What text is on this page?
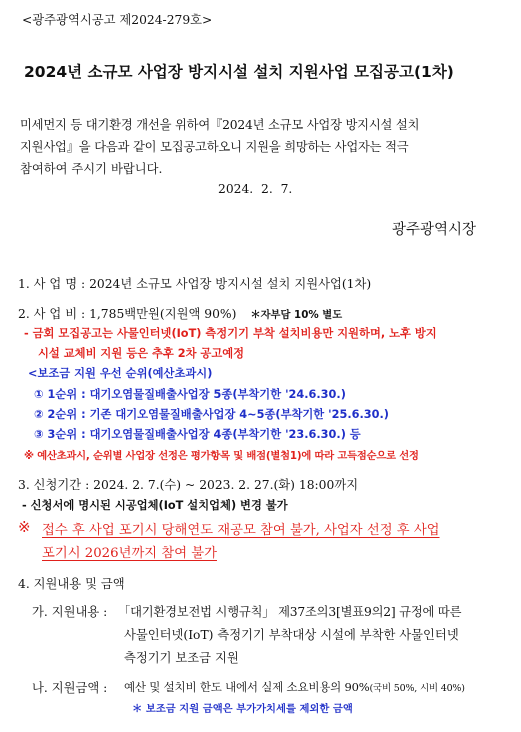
<광주광역시공고 제2024-279호>
2024년 소규모 사업장 방지시설 설치 지원사업 모집공고(1차)
미세먼지 등 대기환경 개선을 위하여『2024년 소규모 사업장 방지시설 설치
지원사업』을 다음과 같이 모집공고하오니 지원을 희망하는 사업자는 적극
참여하여 주시기 바랍니다.
2024.  2.  7.
광주광역시장
1. 사 업 명 : 2024년 소규모 사업장 방지시설 설치 지원사업(1차)
2. 사 업 비 : 1,785백만원(지원액 90%) ＊자부담 10% 별도
- 금회 모집공고는 사물인터넷(IoT) 측정기기 부착 설치비용만 지원하며, 노후 방지
시설 교체비 지원 등은 추후 2차 공고예정
<보조금 지원 우선 순위(예산초과시)
① 1순위 : 대기오염물질배출사업장 5종(부착기한 '24.6.30.)
② 2순위 : 기존 대기오염물질배출사업장 4~5종(부착기한 '25.6.30.)
③ 3순위 : 대기오염물질배출사업장 4종(부착기한 '23.6.30.) 등
※ 예산초과시, 순위별 사업장 선정은 평가항목 및 배점(별첨1)에 따라 고득점순으로 선정
3. 신청기간 : 2024. 2. 7.(수) ~ 2023. 2. 27.(화) 18:00까지
- 신청서에 명시된 시공업체(IoT 설치업체) 변경 불가
※ 접수 후 사업 포기시 당해연도 재공모 참여 불가, 사업자 선정 후 사업
포기시 2026년까지 참여 불가
4. 지원내용 및 금액
가. 지원내용 : 「대기환경보전법 시행규칙」 제37조의3[별표9의2] 규정에 따른
사물인터넷(IoT) 측정기기 부착대상 시설에 부착한 사물인터넷
측정기기 보조금 지원
나. 지원금액 : 예산 및 설치비 한도 내에서 실제 소요비용의 90%(국비 50%, 시비 40%)
＊ 보조금 지원 금액은 부가가치세를 제외한 금액
